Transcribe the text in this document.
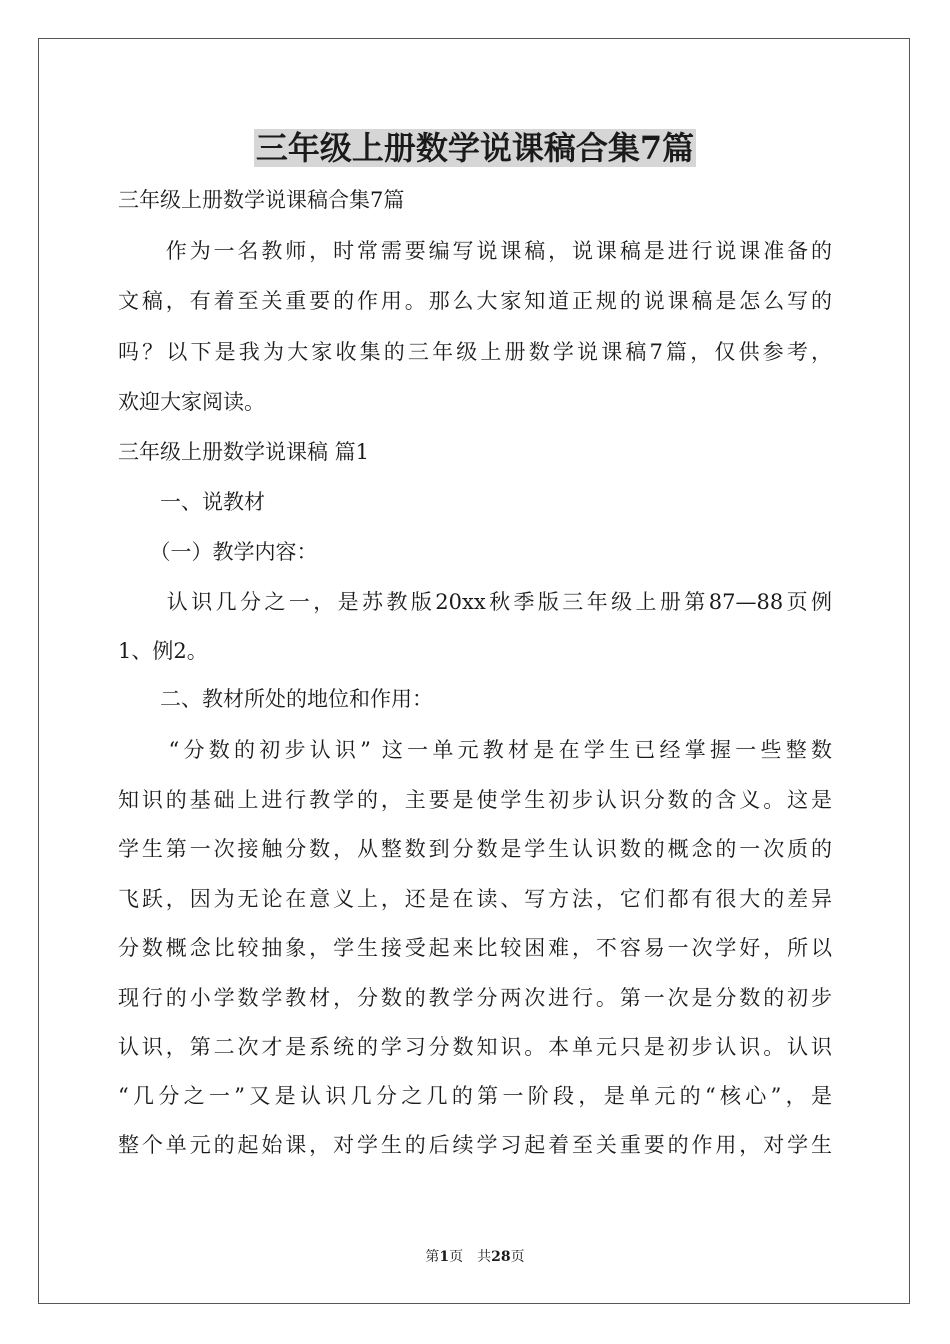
三年级上册数学说课稿合集7篇
三年级上册数学说课稿合集7篇
　　作为一名教师，时常需要编写说课稿，说课稿是进行说课准备的
文稿，有着至关重要的作用。那么大家知道正规的说课稿是怎么写的
吗？以下是我为大家收集的三年级上册数学说课稿7篇，仅供参考，
欢迎大家阅读。
三年级上册数学说课稿 篇1
　　一、说教材
　　（一）教学内容：
　　认识几分之一，是苏教版20xx秋季版三年级上册第87—88页例
1、例2。
　　二、教材所处的地位和作用：
　　“分数的初步认识” 这一单元教材是在学生已经掌握一些整数
知识的基础上进行教学的，主要是使学生初步认识分数的含义。这是
学生第一次接触分数，从整数到分数是学生认识数的概念的一次质的
飞跃，因为无论在意义上，还是在读、写方法，它们都有很大的差异
分数概念比较抽象，学生接受起来比较困难，不容易一次学好，所以
现行的小学数学教材，分数的教学分两次进行。第一次是分数的初步
认识，第二次才是系统的学习分数知识。本单元只是初步认识。认识
“几分之一”又是认识几分之几的第一阶段，是单元的“核心”，是
整个单元的起始课，对学生的后续学习起着至关重要的作用，对学生
第1页　共28页
